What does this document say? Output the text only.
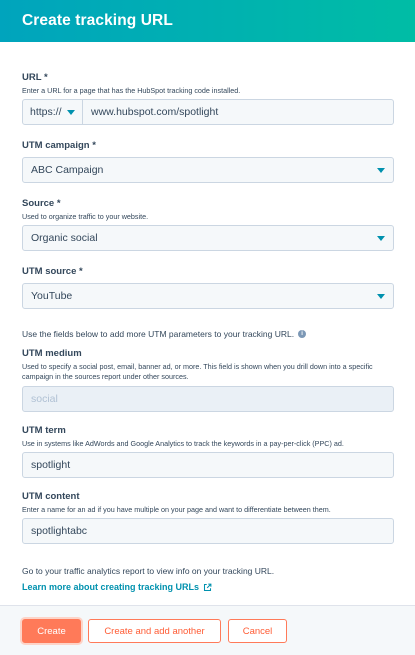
Create tracking URL
URL *
Enter a URL for a page that has the HubSpot tracking code installed.
https://	www.hubspot.com/spotlight
UTM campaign *
ABC Campaign
Source *
Used to organize traffic to your website.
Organic social
UTM source *
YouTube
Use the fields below to add more UTM parameters to your tracking URL.	i
UTM medium
Used to specify a social post, email, banner ad, or more. This field is shown when you drill down into a specific campaign in the sources report under other sources.
social
UTM term
Use in systems like AdWords and Google Analytics to track the keywords in a pay-per-click (PPC) ad.
spotlight
UTM content
Enter a name for an ad if you have multiple on your page and want to differentiate between them.
spotlightabc
Go to your traffic analytics report to view info on your tracking URL.
Learn more about creating tracking URLs
Create	Create and add another	Cancel
